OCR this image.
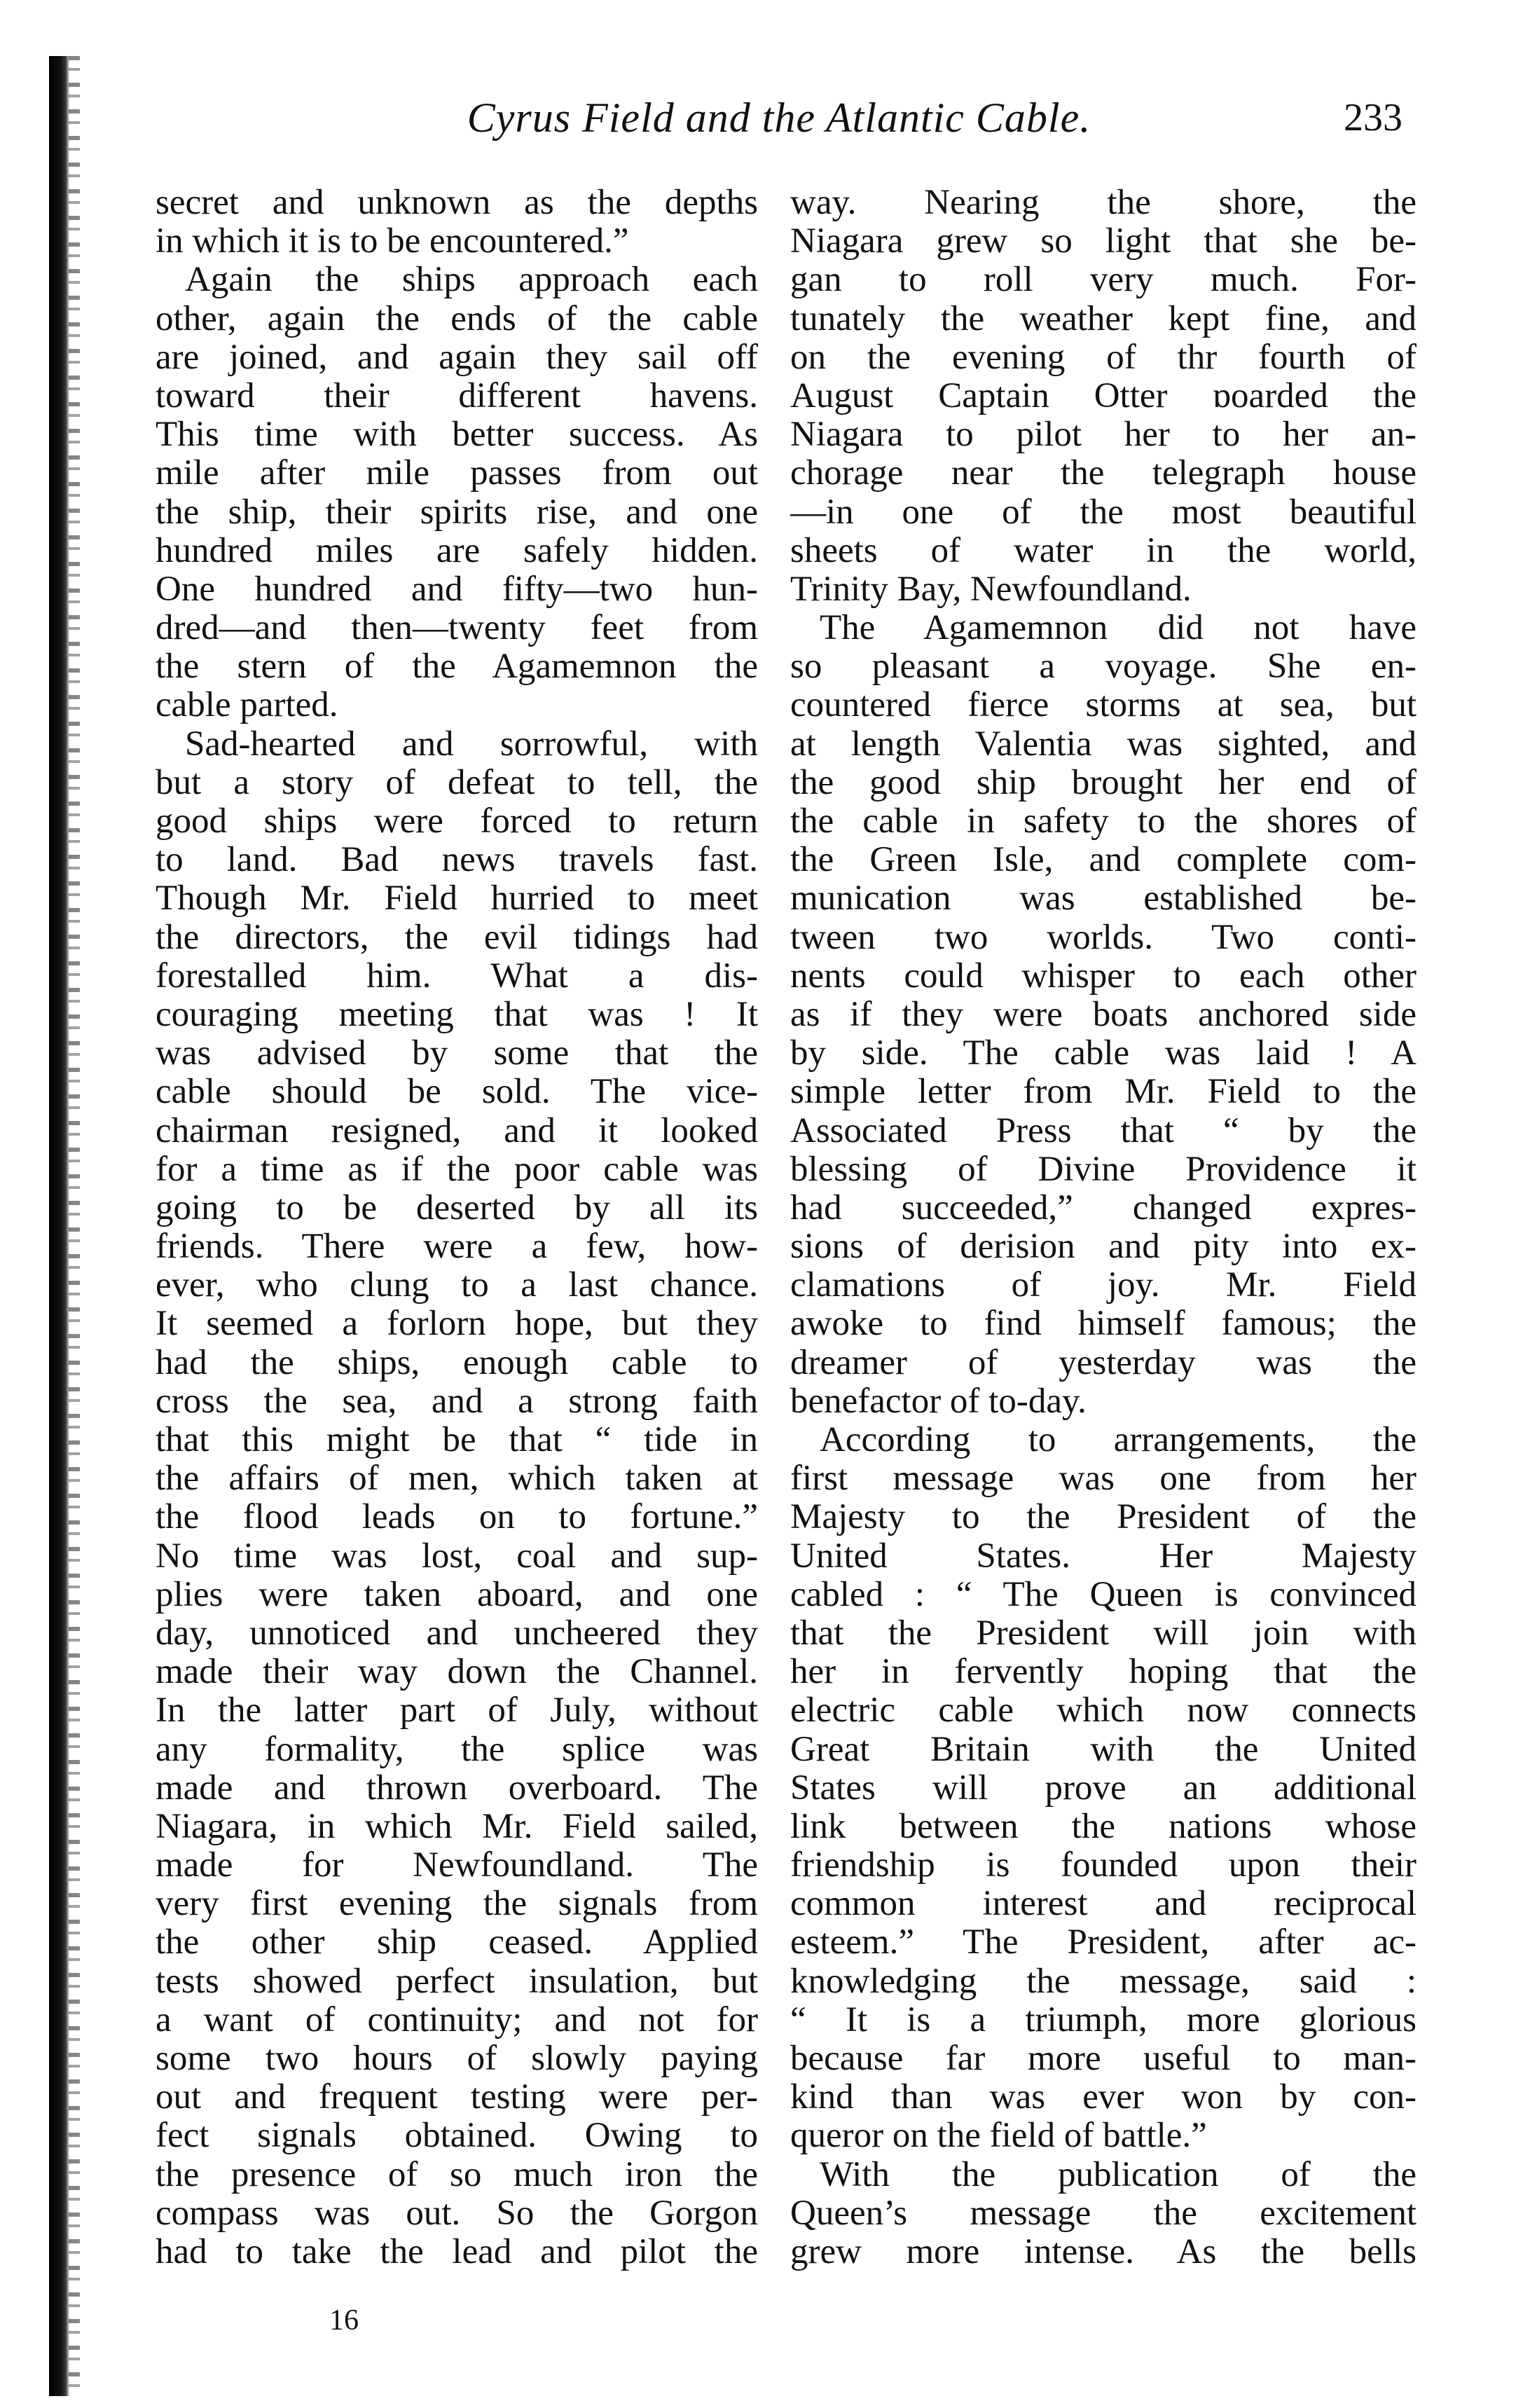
Cyrus Field and the Atlantic Cable.	233
secret and unknown as the depths
in which it is to be encountered.”
Again the ships approach each
other, again the ends of the cable
are joined, and again they sail off
toward their different havens.
This time with better success. As
mile after mile passes from out
the ship, their spirits rise, and one
hundred miles are safely hidden.
One hundred and fifty—two hun-
dred—and then—twenty feet from
the stern of the Agamemnon the
cable parted.
Sad-hearted and sorrowful, with
but a story of defeat to tell, the
good ships were forced to return
to land. Bad news travels fast.
Though Mr. Field hurried to meet
the directors, the evil tidings had
forestalled him. What a dis-
couraging meeting that was ! It
was advised by some that the
cable should be sold. The vice-
chairman resigned, and it looked
for a time as if the poor cable was
going to be deserted by all its
friends. There were a few, how-
ever, who clung to a last chance.
It seemed a forlorn hope, but they
had the ships, enough cable to
cross the sea, and a strong faith
that this might be that “ tide in
the affairs of men, which taken at
the flood leads on to fortune.”
No time was lost, coal and sup-
plies were taken aboard, and one
day, unnoticed and uncheered they
made their way down the Channel.
In the latter part of July, without
any formality, the splice was
made and thrown overboard. The
Niagara, in which Mr. Field sailed,
made for Newfoundland. The
very first evening the signals from
the other ship ceased. Applied
tests showed perfect insulation, but
a want of continuity; and not for
some two hours of slowly paying
out and frequent testing were per-
fect signals obtained. Owing to
the presence of so much iron the
compass was out. So the Gorgon
had to take the lead and pilot the
way. Nearing the shore, the
Niagara grew so light that she be-
gan to roll very much. For-
tunately the weather kept fine, and
on the evening of thr fourth of
August Captain Otter ɒoarded the
Niagara to pilot her to her an-
chorage near the telegraph house
—in one of the most beautiful
sheets of water in the world,
Trinity Bay, Newfoundland.
The Agamemnon did not have
so pleasant a voyage. She en-
countered fierce storms at sea, but
at length Valentia was sighted, and
the good ship brought her end of
the cable in safety to the shores of
the Green Isle, and complete com-
munication was established be-
tween two worlds. Two conti-
nents could whisper to each other
as if they were boats anchored side
by side. The cable was laid ! A
simple letter from Mr. Field to the
Associated Press that “ by the
blessing of Divine Providence it
had succeeded,” changed expres-
sions of derision and pity into ex-
clamations of joy. Mr. Field
awoke to find himself famous; the
dreamer of yesterday was the
benefactor of to-day.
According to arrangements, the
first message was one from her
Majesty to the President of the
United States. Her Majesty
cabled : “ The Queen is convinced
that the President will join with
her in fervently hoping that the
electric cable which now connects
Great Britain with the United
States will prove an additional
link between the nations whose
friendship is founded upon their
common interest and reciprocal
esteem.” The President, after ac-
knowledging the message, said :
“ It is a triumph, more glorious
because far more useful to man-
kind than was ever won by con-
queror on the field of battle.”
With the publication of the
Queen’s message the excitement
grew more intense. As the bells
16
